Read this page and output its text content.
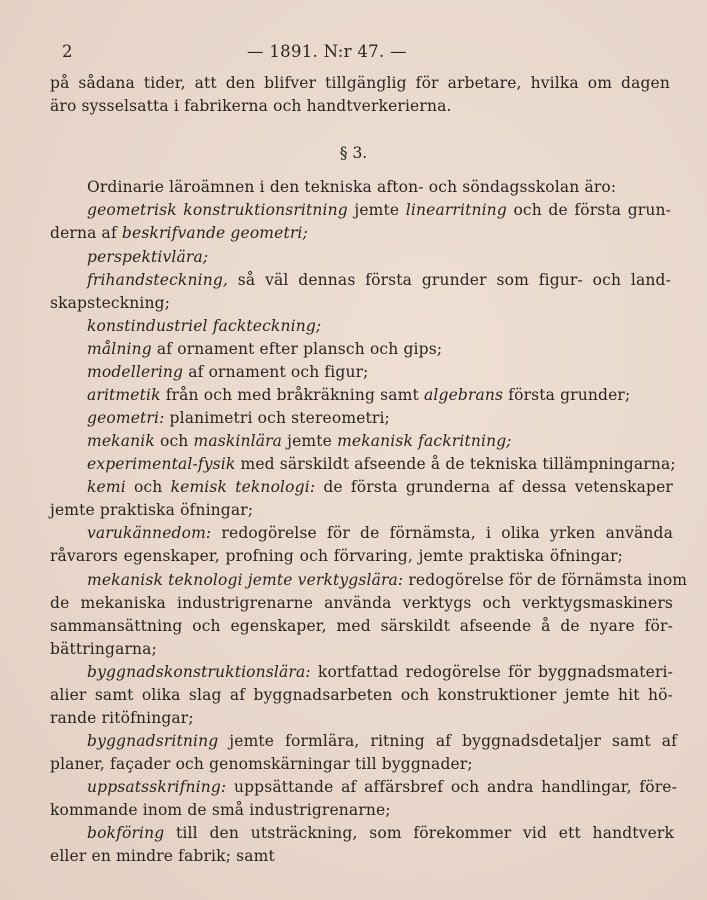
2	— 1891. N:r 47. —
§ 3.
på sådana tider, att den blifver tillgänglig för arbetare, hvilka om dagen
äro sysselsatta i fabrikerna och handtverkerierna.
Ordinarie läroämnen i den tekniska afton- och söndagsskolan äro:
geometrisk konstruktionsritning jemte linearritning och de första grun-
derna af beskrifvande geometri;
perspektivlära;
frihandsteckning, så väl dennas första grunder som figur- och land-
skapsteckning;
konstindustriel fackteckning;
målning af ornament efter plansch och gips;
modellering af ornament och figur;
aritmetik från och med bråkräkning samt algebrans första grunder;
geometri: planimetri och stereometri;
mekanik och maskinlära jemte mekanisk fackritning;
experimental-fysik med särskildt afseende å de tekniska tillämpningarna;
kemi och kemisk teknologi: de första grunderna af dessa vetenskaper
jemte praktiska öfningar;
varukännedom: redogörelse för de förnämsta, i olika yrken använda
råvarors egenskaper, profning och förvaring, jemte praktiska öfningar;
mekanisk teknologi jemte verktygslära: redogörelse för de förnämsta inom
de mekaniska industrigrenarne använda verktygs och verktygsmaskiners
sammansättning och egenskaper, med särskildt afseende å de nyare för-
bättringarna;
byggnadskonstruktionslära: kortfattad redogörelse för byggnadsmateri-
alier samt olika slag af byggnadsarbeten och konstruktioner jemte hit hö-
rande ritöfningar;
byggnadsritning jemte formlära, ritning af byggnadsdetaljer samt af
planer, façader och genomskärningar till byggnader;
uppsatsskrifning: uppsättande af affärsbref och andra handlingar, före-
kommande inom de små industrigrenarne;
bokföring till den utsträckning, som förekommer vid ett handtverk
eller en mindre fabrik; samt
